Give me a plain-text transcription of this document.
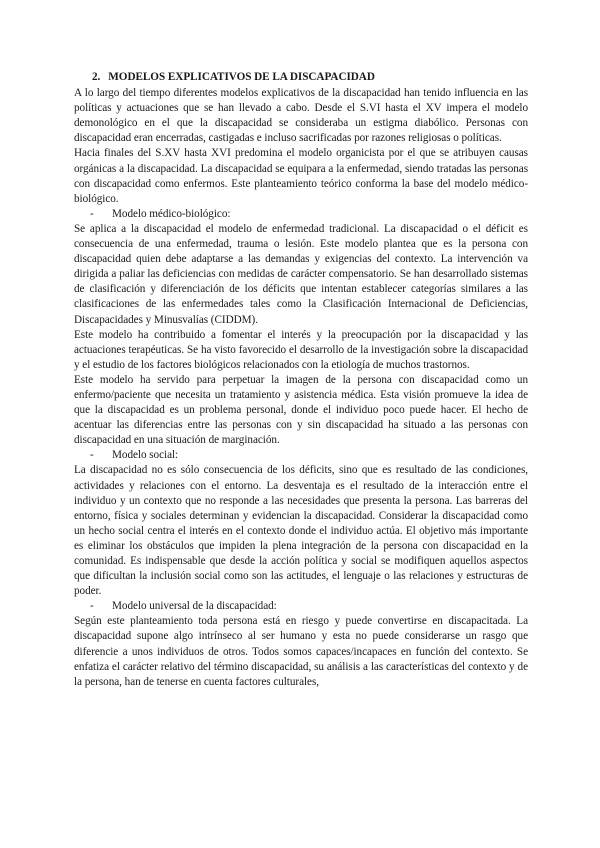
2. MODELOS EXPLICATIVOS DE LA DISCAPACIDAD

A lo largo del tiempo diferentes modelos explicativos de la discapacidad han tenido influencia en las políticas y actuaciones que se han llevado a cabo. Desde el S.VI hasta el XV impera el modelo demonológico en el que la discapacidad se consideraba un estigma diabólico. Personas con discapacidad eran encerradas, castigadas e incluso sacrificadas por razones religiosas o políticas.

Hacia finales del S.XV hasta XVI predomina el modelo organicista por el que se atribuyen causas orgánicas a la discapacidad. La discapacidad se equipara a la enfermedad, siendo tratadas las personas con discapacidad como enfermos. Este planteamiento teórico conforma la base del modelo médico-biológico.

- Modelo médico-biológico:

Se aplica a la discapacidad el modelo de enfermedad tradicional. La discapacidad o el déficit es consecuencia de una enfermedad, trauma o lesión. Este modelo plantea que es la persona con discapacidad quien debe adaptarse a las demandas y exigencias del contexto. La intervención va dirigida a paliar las deficiencias con medidas de carácter compensatorio. Se han desarrollado sistemas de clasificación y diferenciación de los déficits que intentan establecer categorías similares a las clasificaciones de las enfermedades tales como la Clasificación Internacional de Deficiencias, Discapacidades y Minusvalías (CIDDM).

Este modelo ha contribuido a fomentar el interés y la preocupación por la discapacidad y las actuaciones terapéuticas. Se ha visto favorecido el desarrollo de la investigación sobre la discapacidad y el estudio de los factores biológicos relacionados con la etiología de muchos trastornos.

Este modelo ha servido para perpetuar la imagen de la persona con discapacidad como un enfermo/paciente que necesita un tratamiento y asistencia médica. Esta visión promueve la idea de que la discapacidad es un problema personal, donde el individuo poco puede hacer. El hecho de acentuar las diferencias entre las personas con y sin discapacidad ha situado a las personas con discapacidad en una situación de marginación.

- Modelo social:

La discapacidad no es sólo consecuencia de los déficits, sino que es resultado de las condiciones, actividades y relaciones con el entorno. La desventaja es el resultado de la interacción entre el individuo y un contexto que no responde a las necesidades que presenta la persona. Las barreras del entorno, física y sociales determinan y evidencian la discapacidad. Considerar la discapacidad como un hecho social centra el interés en el contexto donde el individuo actúa. El objetivo más importante es eliminar los obstáculos que impiden la plena integración de la persona con discapacidad en la comunidad. Es indispensable que desde la acción política y social se modifiquen aquellos aspectos que dificultan la inclusión social como son las actitudes, el lenguaje o las relaciones y estructuras de poder.

- Modelo universal de la discapacidad:

Según este planteamiento toda persona está en riesgo y puede convertirse en discapacitada. La discapacidad supone algo intrínseco al ser humano y esta no puede considerarse un rasgo que diferencie a unos individuos de otros. Todos somos capaces/incapaces en función del contexto. Se enfatiza el carácter relativo del término discapacidad, su análisis a las características del contexto y de la persona, han de tenerse en cuenta factores culturales,
